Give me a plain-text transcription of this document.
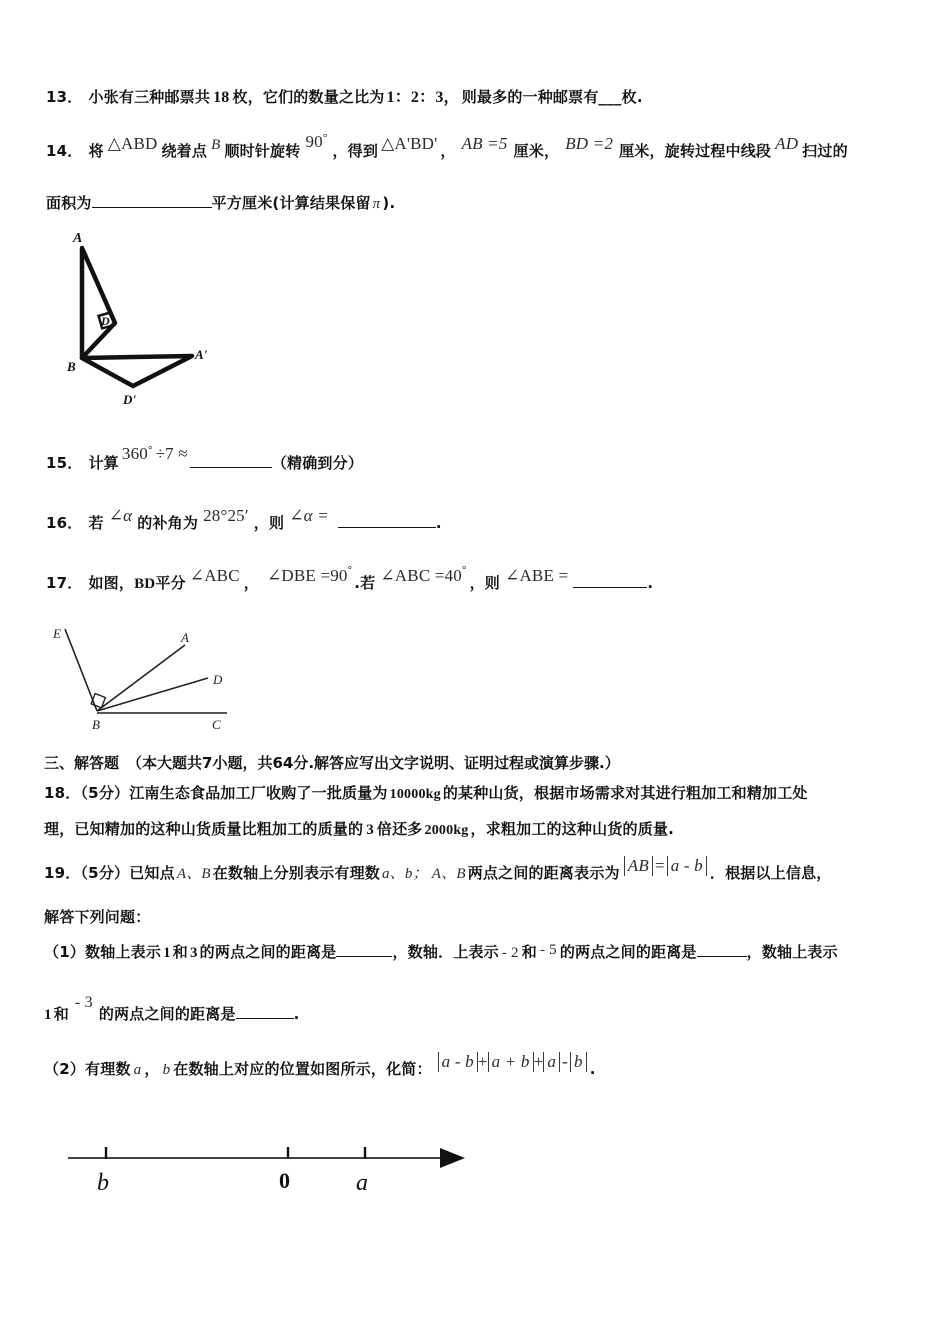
13． 小张有三种邮票共 18 枚，它们的数量之比为 1：2：3， 则最多的一种邮票有___枚.
14． 将 △ABD 绕着点 B 顺时针旋转 90°，得到 △A'BD' ， AB =5 厘米， BD =2 厘米，旋转过程中线段 AD 扫过的
面积为	平方厘米(计算结果保留 π ).
A
D
B
A'
D'
15． 计算 360° ÷7 ≈	（精确到分）
16． 若 ∠α 的补角为 28°25′ ，则 ∠α =	.
17． 如图，BD平分 ∠ABC ， ∠DBE =90°.若 ∠ABC =40°，则 ∠ABE =	.
E	A
D
B	C
三、解答题 （本大题共7小题，共64分.解答应写出文字说明、证明过程或演算步骤.）
18．（5分）江南生态食品加工厂收购了一批质量为 10000kg 的某种山货，根据市场需求对其进行粗加工和精加工处
理，已知精加的这种山货质量比粗加工的质量的 3 倍还多 2000kg ，求粗加工的这种山货的质量.
19．（5分）已知点 A、B 在数轴上分别表示有理数 a、b； A、B 两点之间的距离表示为 AB = a - b ．根据以上信息，
解答下列问题：
（1）数轴上表示 1 和 3 的两点之间的距离是	，数轴．上表示 - 2 和 - 5 的两点之间的距离是	，数轴上表示
1 和- 3的两点之间的距离是	.
（2）有理数 a ， b 在数轴上对应的位置如图所示，化简： a - b + a + b + a - b .
b	0	a
